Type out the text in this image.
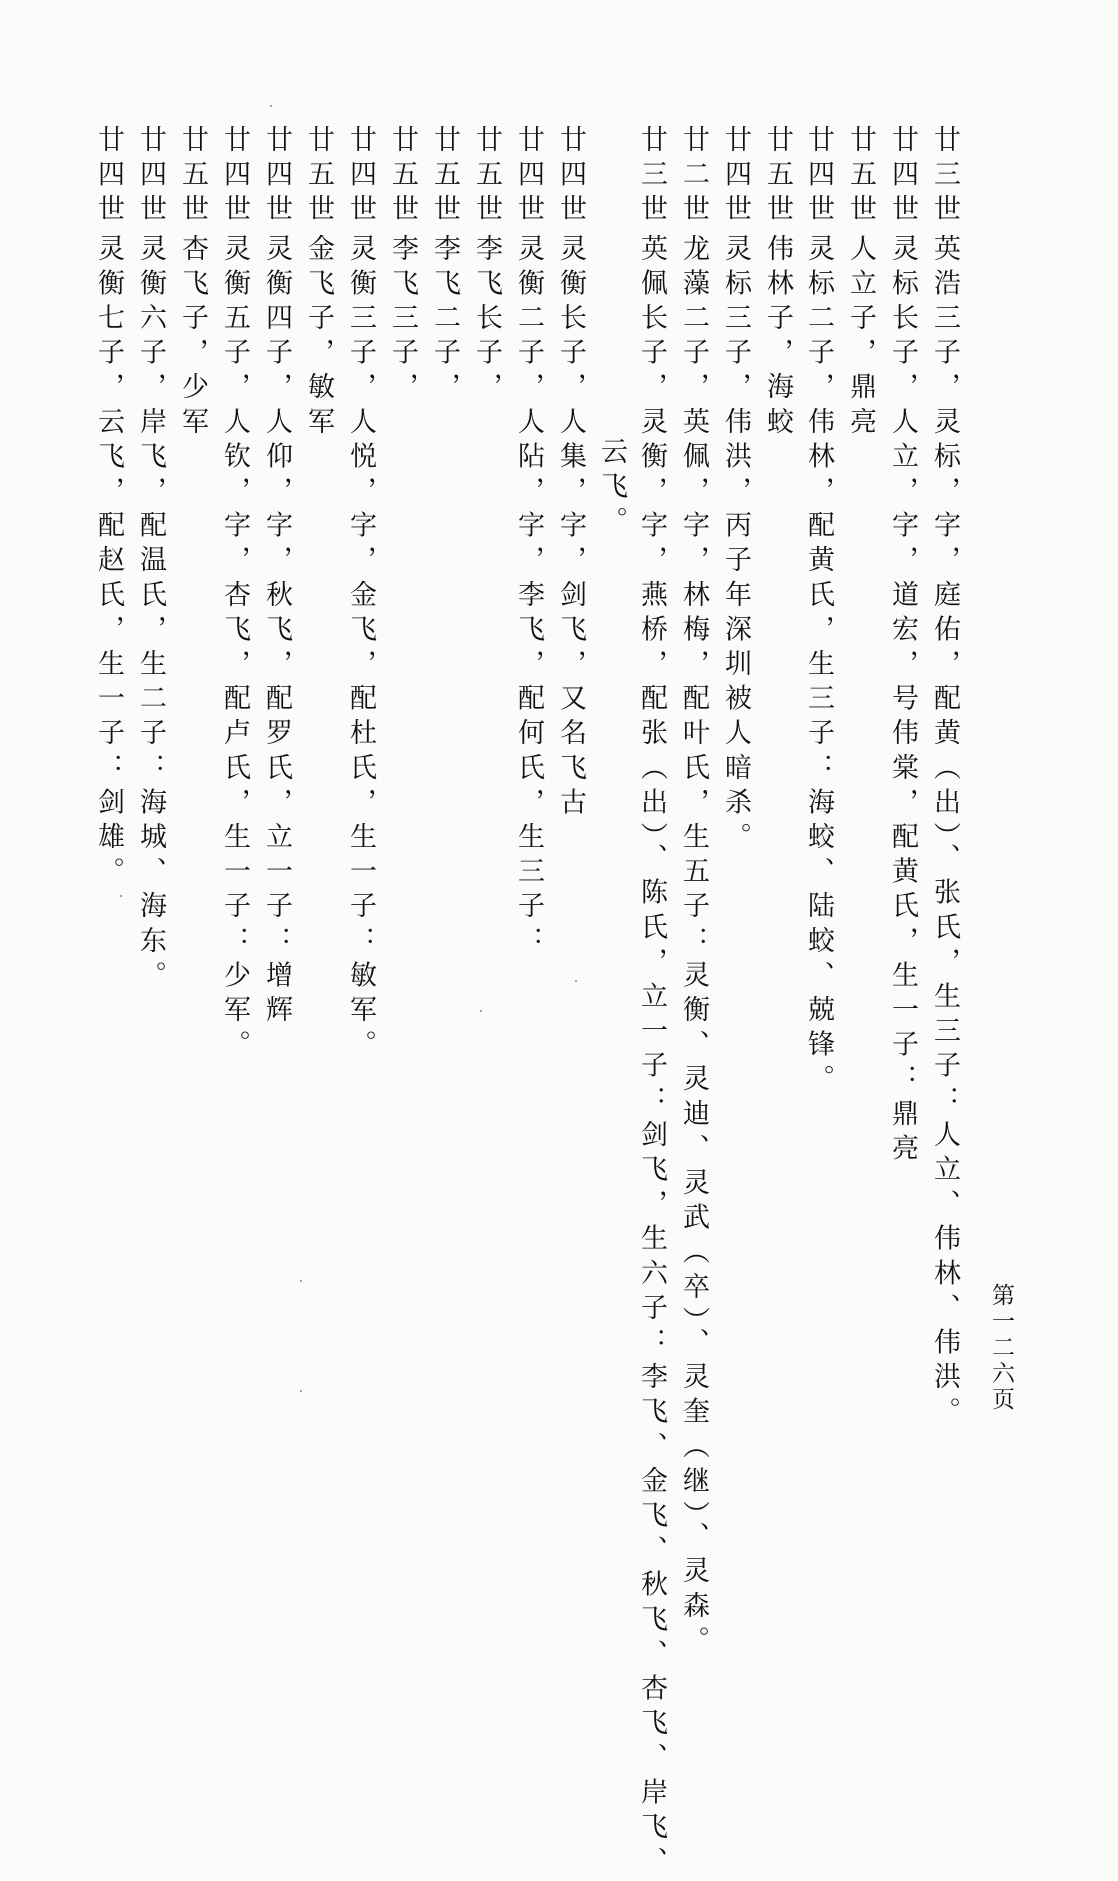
廿三世
英浩三子，灵标，字，庭佑，配黄（出）、张氏，生三子：人立、伟林、伟洪。
廿四世
灵标长子，人立，字，道宏，号伟棠，配黄氏，生一子：鼎亮
廿五世
人立子，鼎亮
廿四世
灵标二子，伟林，配黄氏，生三子：海蛟、陆蛟、兢锋。
廿五世
伟林子，海蛟
廿四世
灵标三子，伟洪，丙子年深圳被人暗杀。
廿二世
龙藻二子，英佩，字，林梅，配叶氏，生五子：灵衡、灵迪、灵武（卒）、灵奎（继）、灵森。
廿三世
英佩长子，灵衡，字，燕桥，配张（出）、陈氏，立一子：剑飞，生六子：李飞、金飞、秋飞、杏飞、岸飞、
云飞。
廿四世
灵衡长子，人集，字，剑飞，又名飞古
廿四世
灵衡二子，人阽，字，李飞，配何氏，生三子：
廿五世
李飞长子，
廿五世
李飞二子，
廿五世
李飞三子，
廿四世
灵衡三子，人悦，字，金飞，配杜氏，生一子：敏军。
廿五世
金飞子，敏军
廿四世
灵衡四子，人仰，字，秋飞，配罗氏，立一子：增辉
廿四世
灵衡五子，人钦，字，杏飞，配卢氏，生一子：少军。
廿五世
杏飞子，少军
廿四世
灵衡六子，岸飞，配温氏，生二子：海城、海东。
廿四世
灵衡七子，云飞，配赵氏，生一子：剑雄。
第一二六页
